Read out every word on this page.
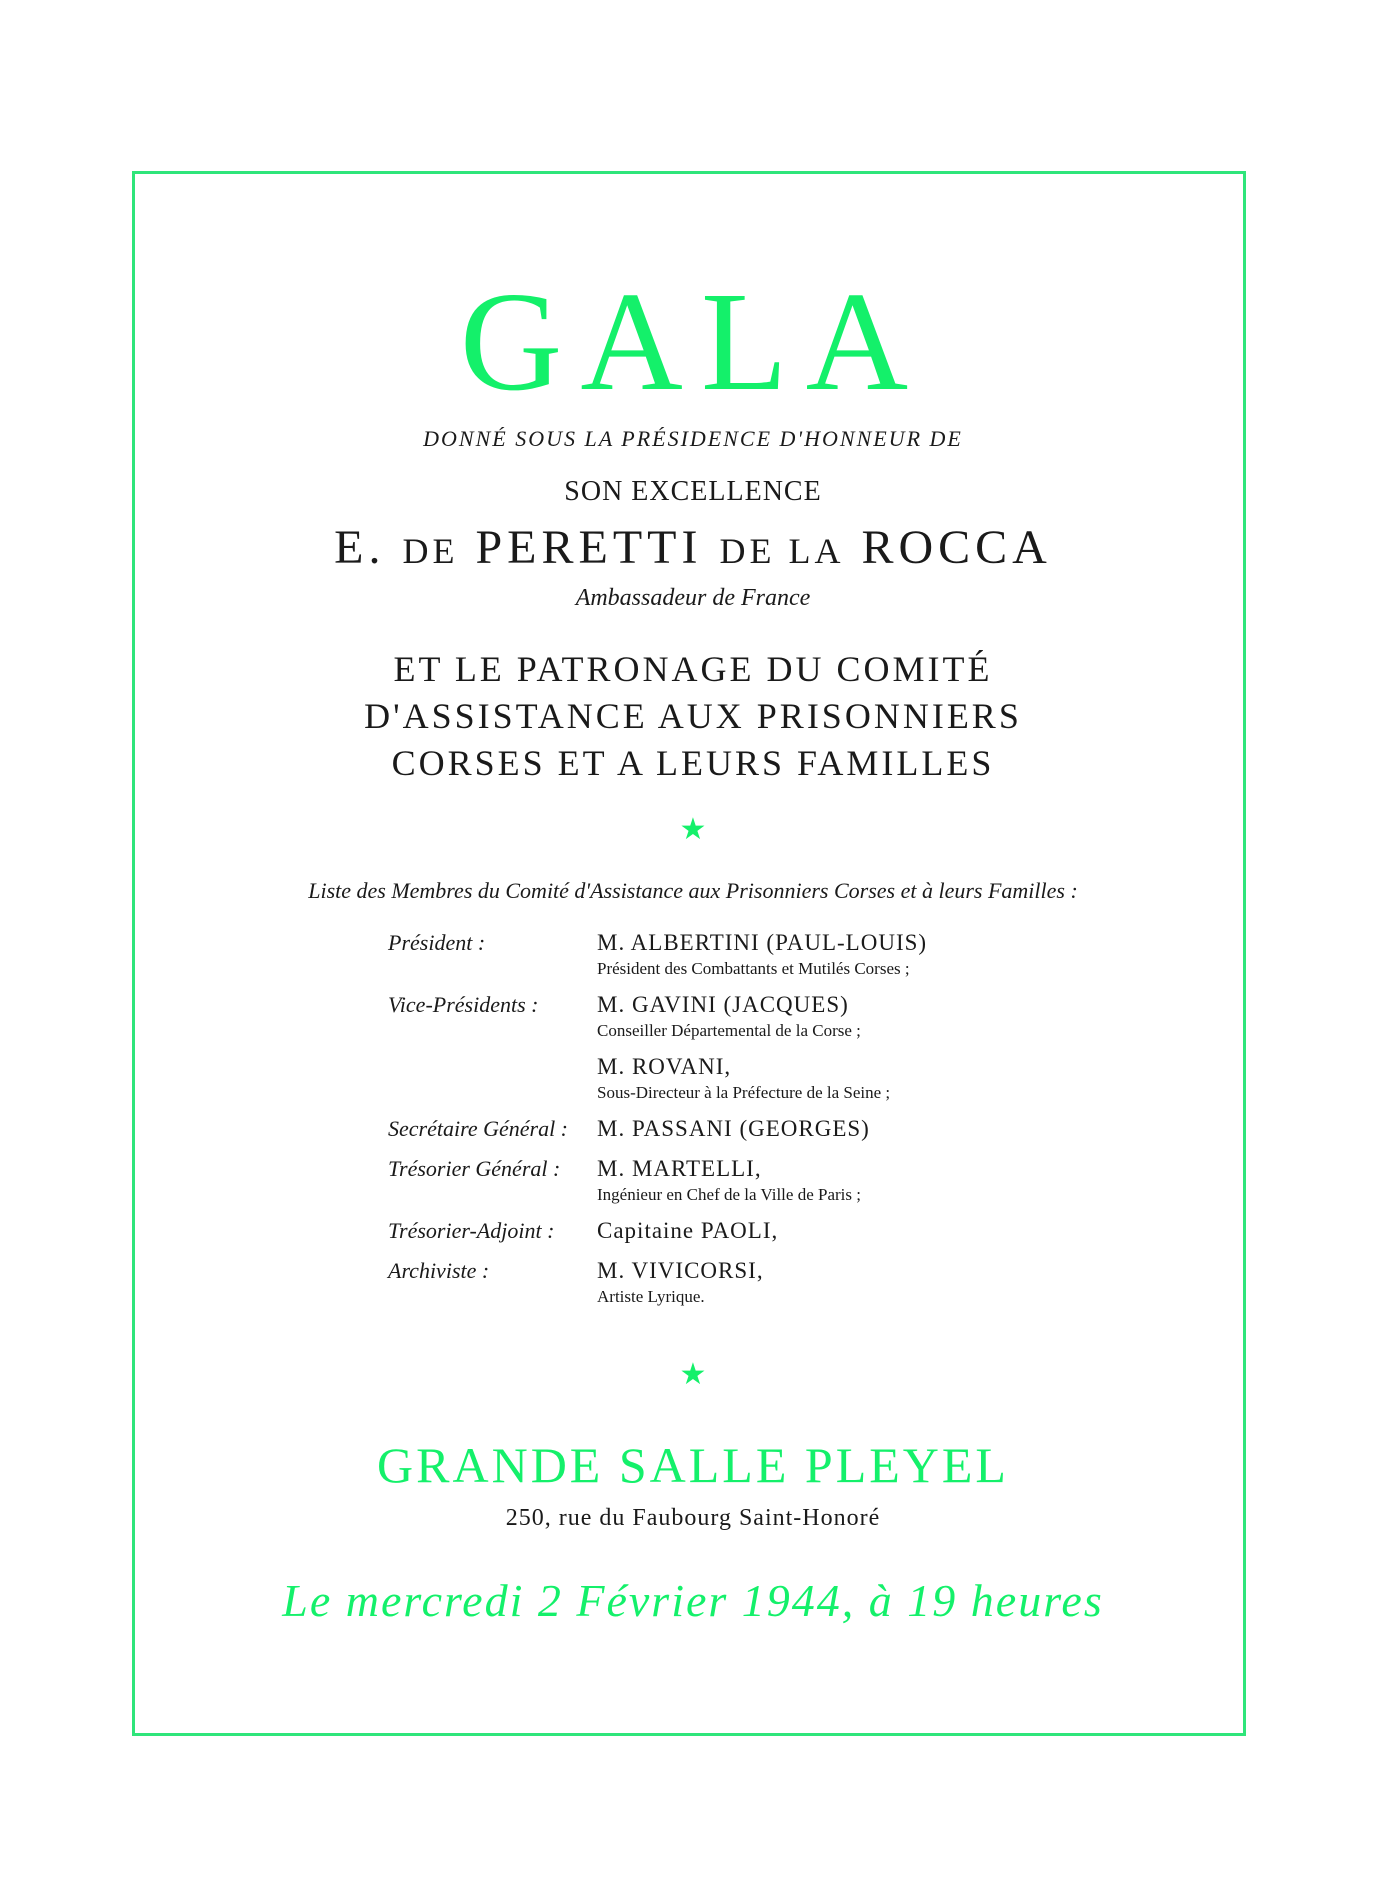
GALA
DONNÉ SOUS LA PRÉSIDENCE D'HONNEUR DE
SON EXCELLENCE
E. DE PERETTI DE LA ROCCA
Ambassadeur de France
ET LE PATRONAGE DU COMITÉ
D'ASSISTANCE AUX PRISONNIERS
CORSES ET A LEURS FAMILLES
★
Liste des Membres du Comité d'Assistance aux Prisonniers Corses et à leurs Familles :
Président :	M. ALBERTINI (PAUL-LOUIS)
Président des Combattants et Mutilés Corses ;
Vice-Présidents :	M. GAVINI (JACQUES)
Conseiller Départemental de la Corse ;
M. ROVANI,
Sous-Directeur à la Préfecture de la Seine ;
Secrétaire Général :	M. PASSANI (GEORGES)
Trésorier Général :	M. MARTELLI,
Ingénieur en Chef de la Ville de Paris ;
Trésorier-Adjoint :	Capitaine PAOLI,
Archiviste :	M. VIVICORSI,
Artiste Lyrique.
★
GRANDE SALLE PLEYEL
250, rue du Faubourg Saint-Honoré
Le mercredi 2 Février 1944, à 19 heures
